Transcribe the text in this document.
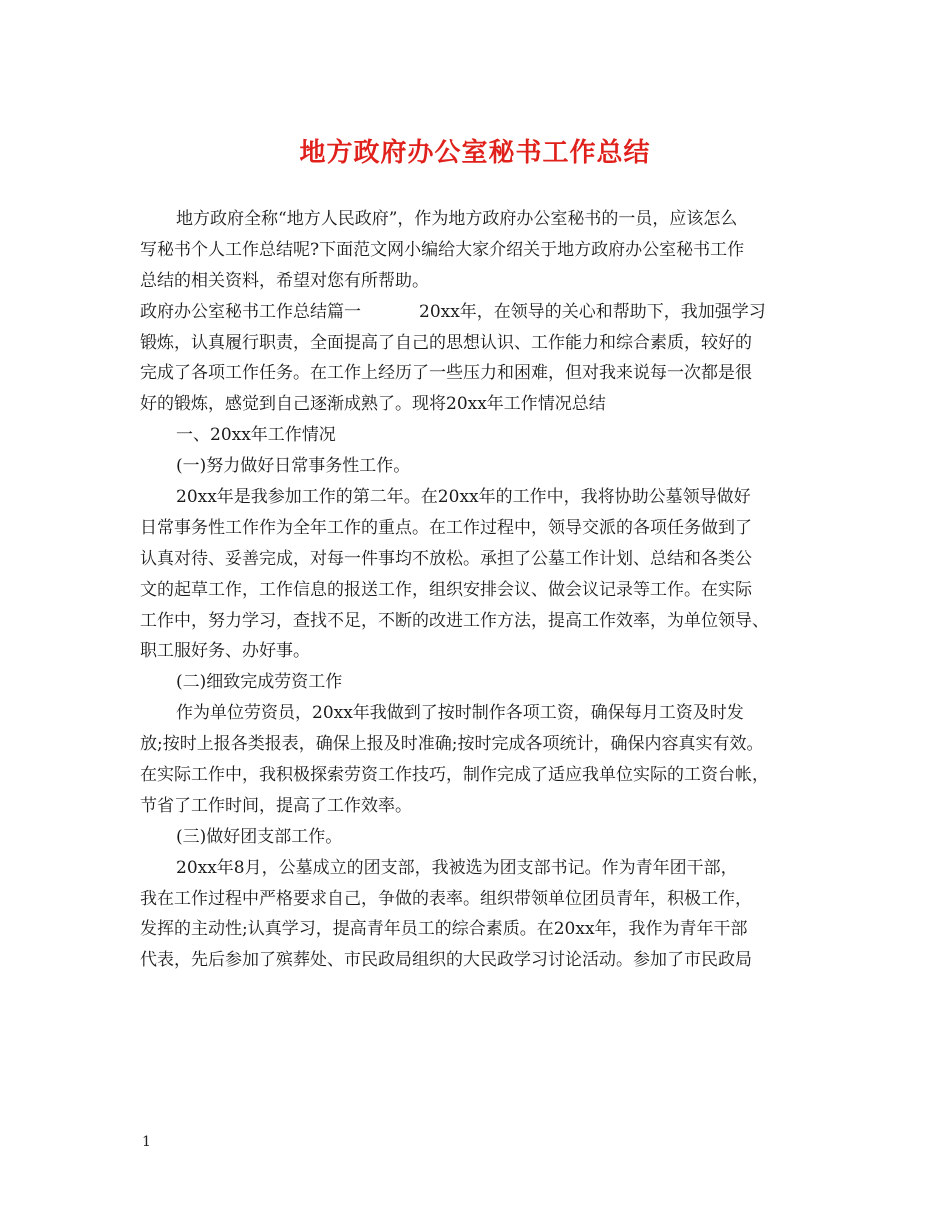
地方政府办公室秘书工作总结
地方政府全称“地方人民政府”，作为地方政府办公室秘书的一员，应该怎么
写秘书个人工作总结呢?下面范文网小编给大家介绍关于地方政府办公室秘书工作
总结的相关资料，希望对您有所帮助。
政府办公室秘书工作总结篇一	20xx年，在领导的关心和帮助下，我加强学习
锻炼，认真履行职责，全面提高了自己的思想认识、工作能力和综合素质，较好的
完成了各项工作任务。在工作上经历了一些压力和困难，但对我来说每一次都是很
好的锻炼，感觉到自己逐渐成熟了。现将20xx年工作情况总结
一、20xx年工作情况
(一)努力做好日常事务性工作。
20xx年是我参加工作的第二年。在20xx年的工作中，我将协助公墓领导做好
日常事务性工作作为全年工作的重点。在工作过程中，领导交派的各项任务做到了
认真对待、妥善完成，对每一件事均不放松。承担了公墓工作计划、总结和各类公
文的起草工作，工作信息的报送工作，组织安排会议、做会议记录等工作。在实际
工作中，努力学习，查找不足，不断的改进工作方法，提高工作效率，为单位领导、
职工服好务、办好事。
(二)细致完成劳资工作
作为单位劳资员，20xx年我做到了按时制作各项工资，确保每月工资及时发
放;按时上报各类报表，确保上报及时准确;按时完成各项统计，确保内容真实有效。
在实际工作中，我积极探索劳资工作技巧，制作完成了适应我单位实际的工资台帐，
节省了工作时间，提高了工作效率。
(三)做好团支部工作。
20xx年8月，公墓成立的团支部，我被选为团支部书记。作为青年团干部，
我在工作过程中严格要求自己，争做的表率。组织带领单位团员青年，积极工作，
发挥的主动性;认真学习，提高青年员工的综合素质。在20xx年，我作为青年干部
代表，先后参加了殡葬处、市民政局组织的大民政学习讨论活动。参加了市民政局
1
